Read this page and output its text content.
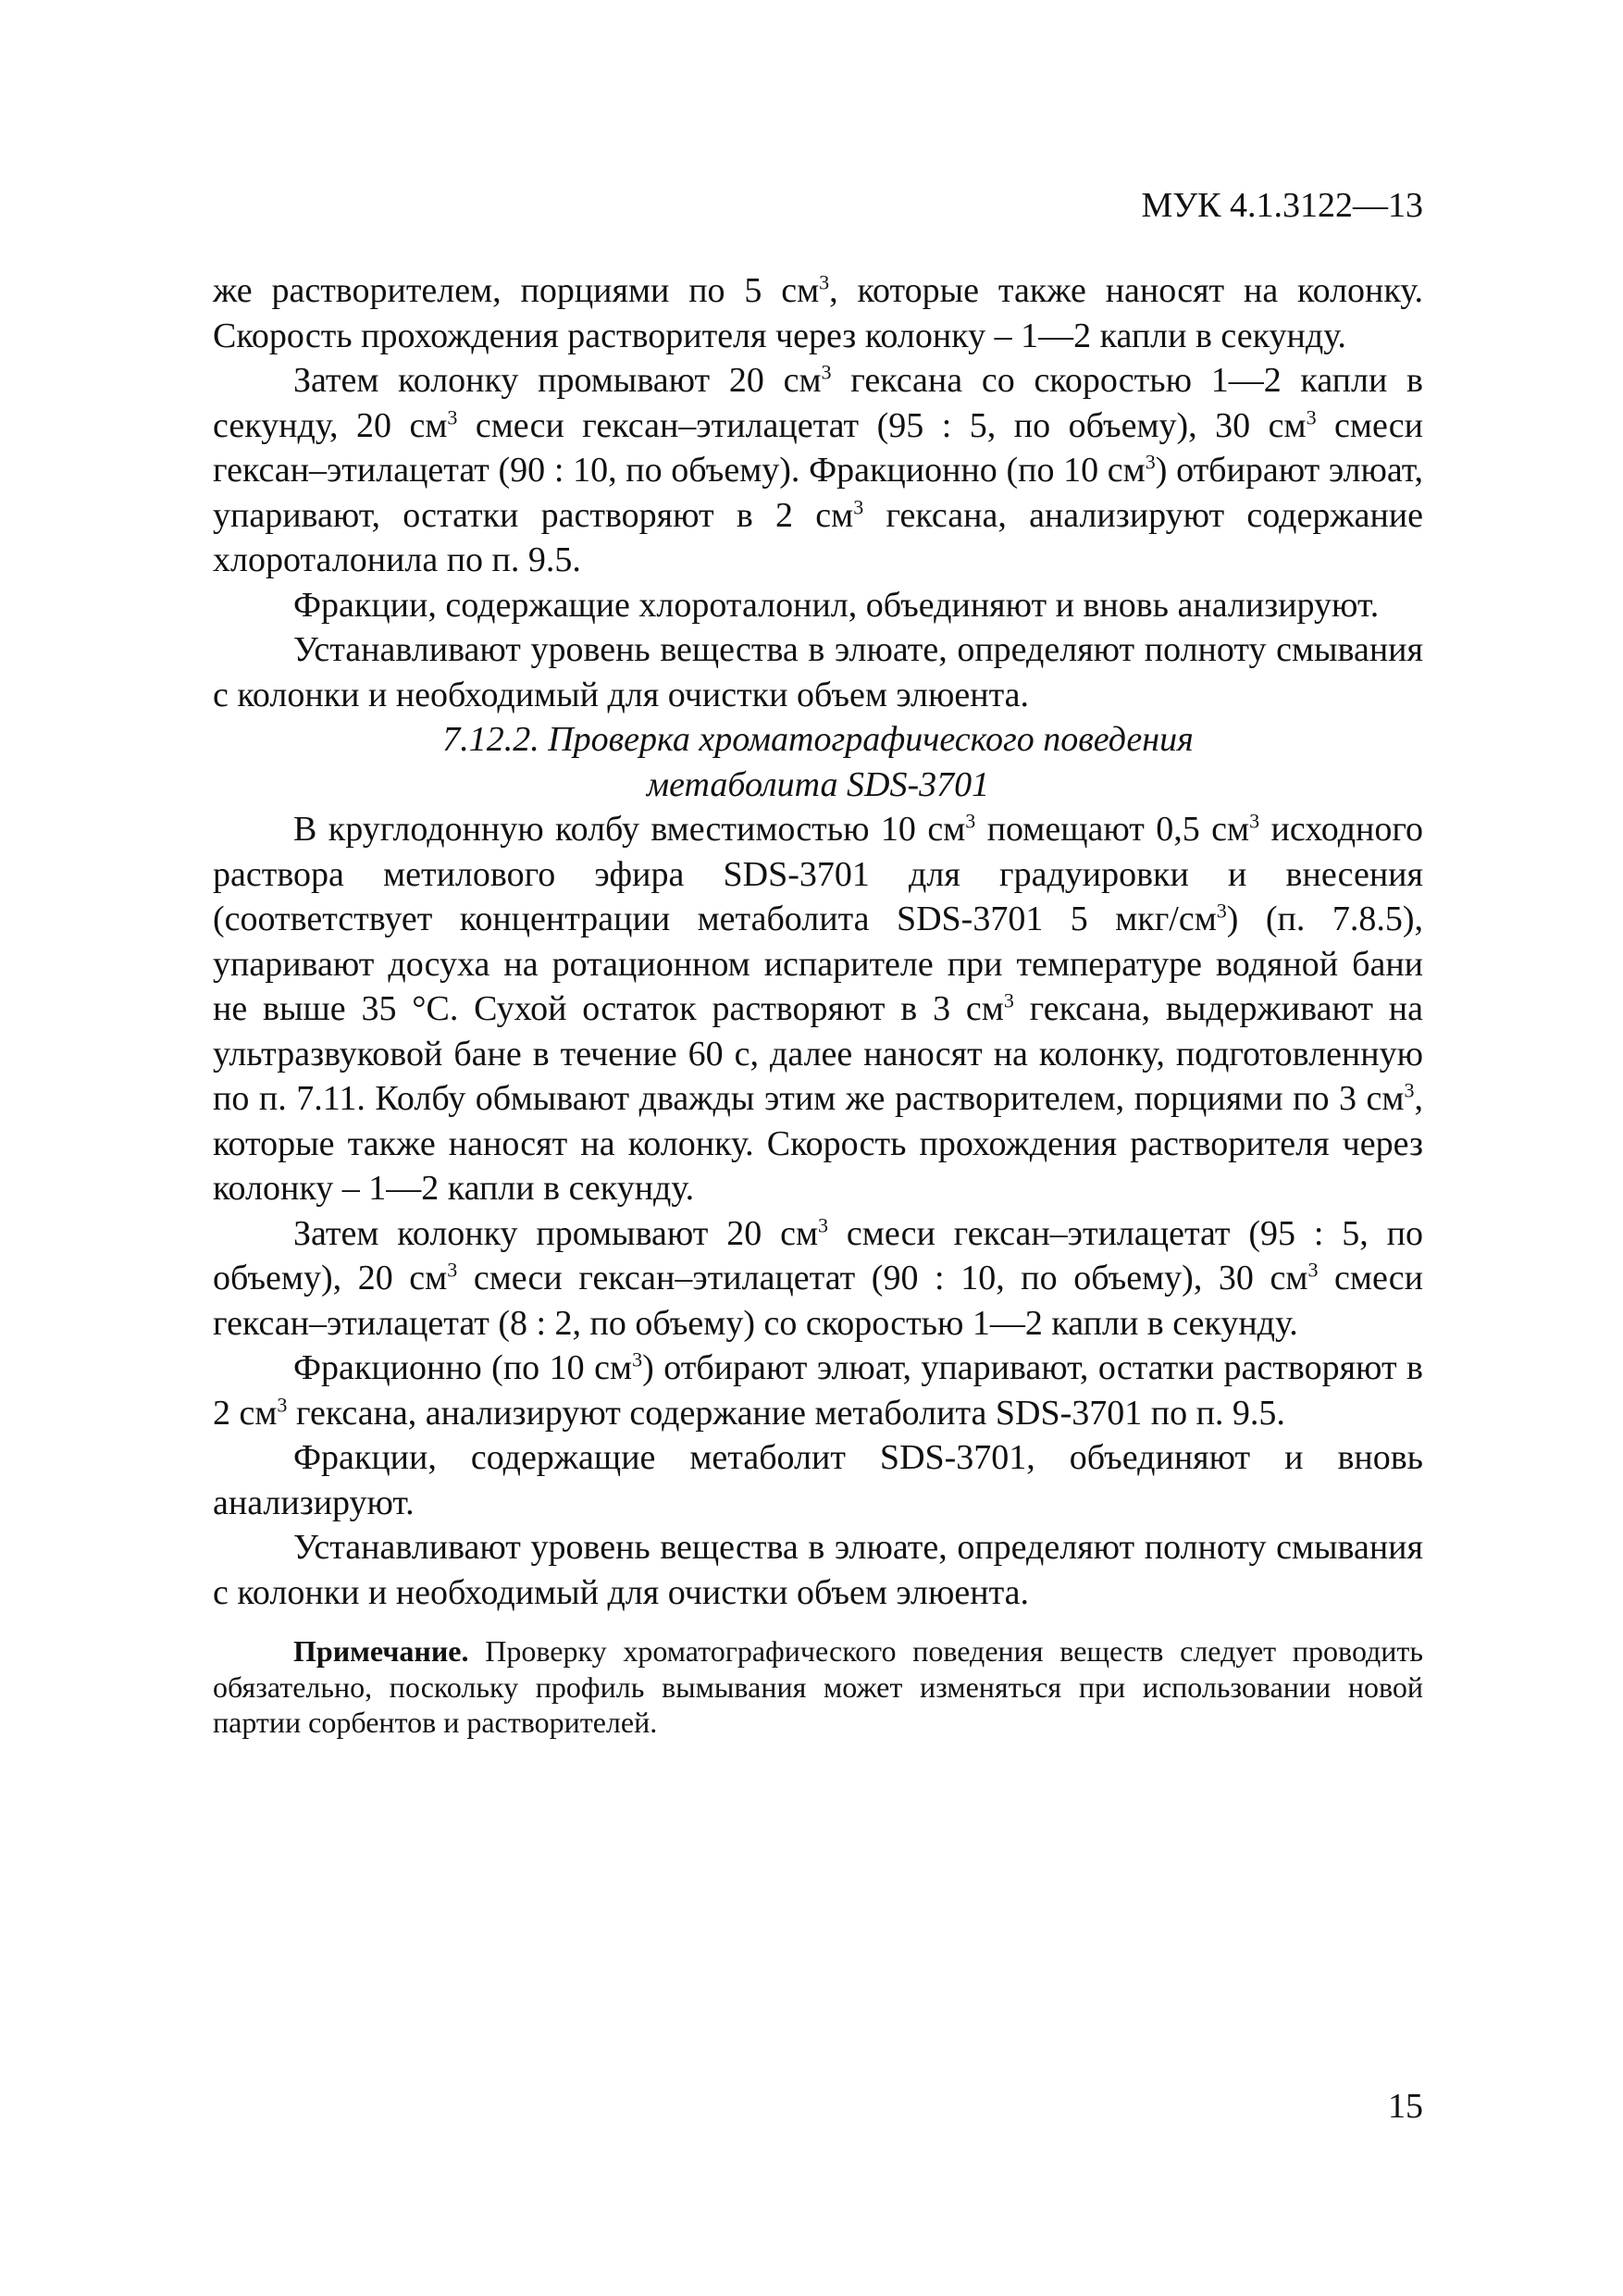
МУК 4.1.3122—13

же растворителем, порциями по 5 $см^3$, которые также наносят на колонку. Скорость прохождения растворителя через колонку – 1—2 капли в секунду.

Затем колонку промывают 20 $см^3$ гексана со скоростью 1—2 капли в секунду, 20 $см^3$ смеси гексан–этилацетат (95 : 5, по объему), 30 $см^3$ смеси гексан–этилацетат (90 : 10, по объему). Фракционно (по 10 $см^3$) отбирают элюат, упаривают, остатки растворяют в 2 $см^3$ гексана, анализируют содержание хлороталонила по п. 9.5.

Фракции, содержащие хлороталонил, объединяют и вновь анализируют.

Устанавливают уровень вещества в элюате, определяют полноту смывания с колонки и необходимый для очистки объем элюента.

7.12.2. Проверка хроматографического поведения
метаболита SDS-3701

В круглодонную колбу вместимостью 10 $см^3$ помещают 0,5 $см^3$ исходного раствора метилового эфира SDS-3701 для градуировки и внесения (соответствует концентрации метаболита SDS-3701 5 мкг/$см^3$) (п. 7.8.5), упаривают досуха на ротационном испарителе при температуре водяной бани не выше 35 °С. Сухой остаток растворяют в 3 $см^3$ гексана, выдерживают на ультразвуковой бане в течение 60 с, далее наносят на колонку, подготовленную по п. 7.11. Колбу обмывают дважды этим же растворителем, порциями по 3 $см^3$, которые также наносят на колонку. Скорость прохождения растворителя через колонку – 1—2 капли в секунду.

Затем колонку промывают 20 $см^3$ смеси гексан–этилацетат (95 : 5, по объему), 20 $см^3$ смеси гексан–этилацетат (90 : 10, по объему), 30 $см^3$ смеси гексан–этилацетат (8 : 2, по объему) со скоростью 1—2 капли в секунду.

Фракционно (по 10 $см^3$) отбирают элюат, упаривают, остатки растворяют в 2 $см^3$ гексана, анализируют содержание метаболита SDS-3701 по п. 9.5.

Фракции, содержащие метаболит SDS-3701, объединяют и вновь анализируют.

Устанавливают уровень вещества в элюате, определяют полноту смывания с колонки и необходимый для очистки объем элюента.

Примечание. Проверку хроматографического поведения веществ следует проводить обязательно, поскольку профиль вымывания может изменяться при использовании новой партии сорбентов и растворителей.

15
